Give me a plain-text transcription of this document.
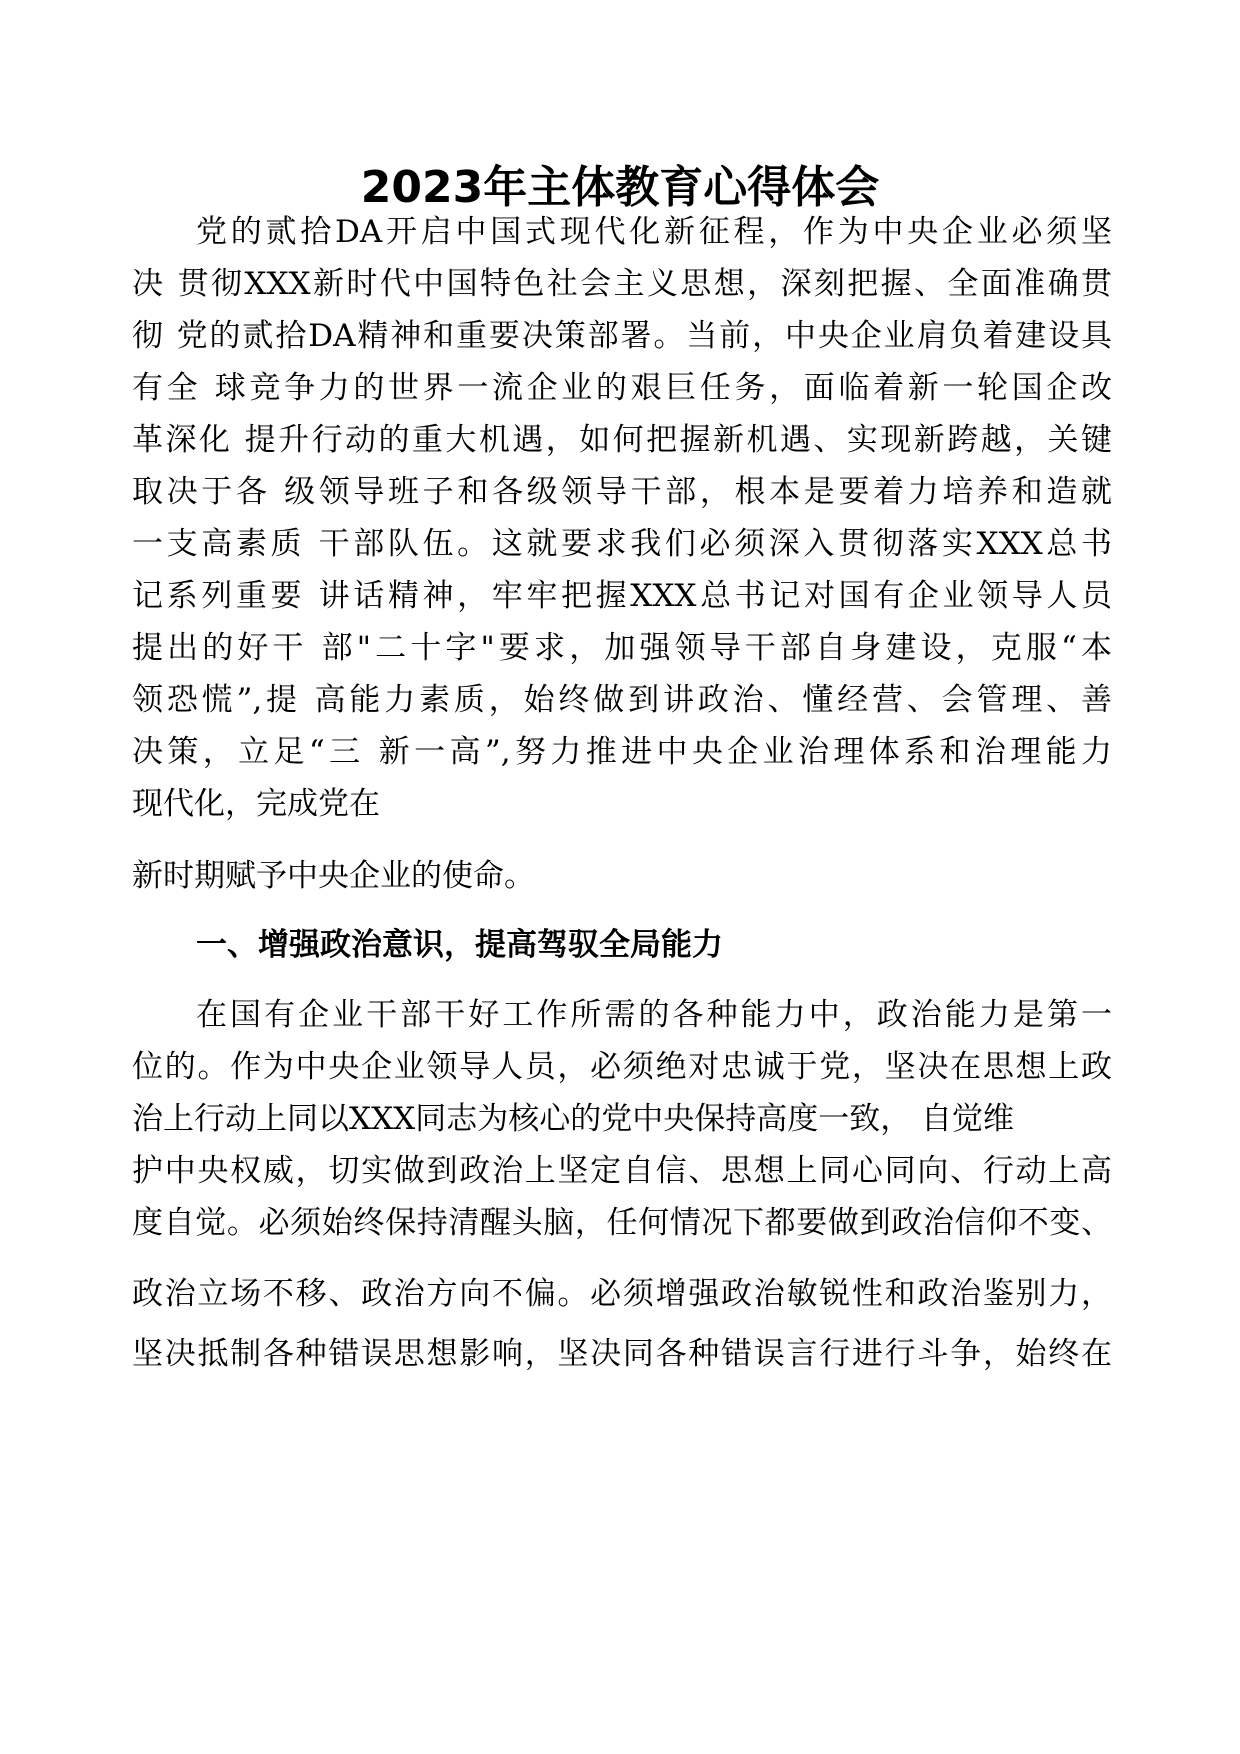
2023年主体教育心得体会
党的贰拾DA开启中国式现代化新征程，作为中央企业必须坚
决 贯彻XXX新时代中国特色社会主义思想，深刻把握、全面准确贯
彻 党的贰拾DA精神和重要决策部署。当前，中央企业肩负着建设具
有全 球竞争力的世界一流企业的艰巨任务，面临着新一轮国企改
革深化 提升行动的重大机遇，如何把握新机遇、实现新跨越，关键
取决于各 级领导班子和各级领导干部，根本是要着力培养和造就
一支高素质 干部队伍。这就要求我们必须深入贯彻落实XXX总书
记系列重要 讲话精神，牢牢把握XXX总书记对国有企业领导人员
提出的好干 部"二十字"要求，加强领导干部自身建设，克服“本
领恐慌”,提 高能力素质，始终做到讲政治、懂经营、会管理、善
决策，立足“三 新一高”,努力推进中央企业治理体系和治理能力
现代化，完成党在
新时期赋予中央企业的使命。
一、增强政治意识，提高驾驭全局能力
在国有企业干部干好工作所需的各种能力中，政治能力是第一
位的。作为中央企业领导人员，必须绝对忠诚于党，坚决在思想上政
治上行动上同以XXX同志为核心的党中央保持高度一致， 自觉维
护中央权威，切实做到政治上坚定自信、思想上同心同向、行动上高
度自觉。必须始终保持清醒头脑，任何情况下都要做到政治信仰不变、
政治立场不移、政治方向不偏。必须增强政治敏锐性和政治鉴别力，
坚决抵制各种错误思想影响，坚决同各种错误言行进行斗争，始终在
